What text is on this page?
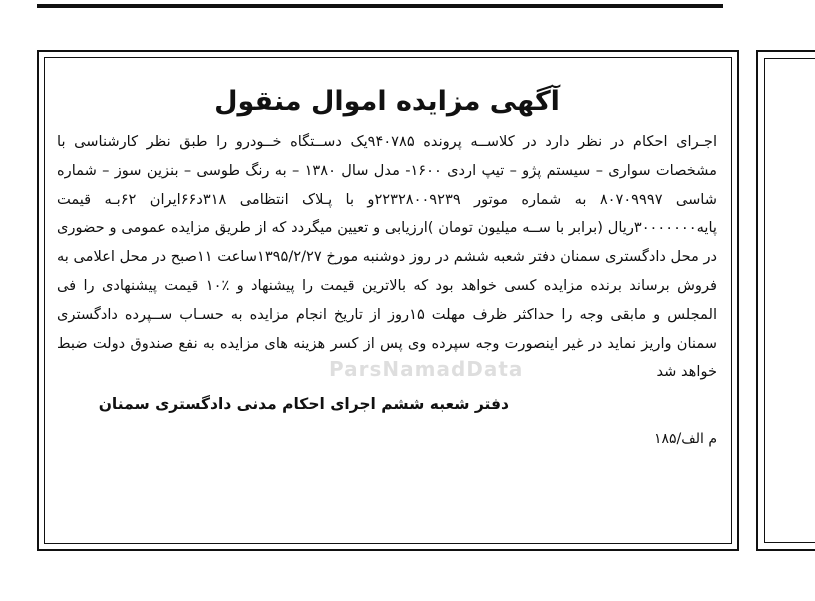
آگهی مزایده اموال منقول

اجـرای احکام در نظر دارد در کلاســه پرونده ۹۴۰۷۸۵یک دســتگاه خــودرو را طبق نظر کارشناسی با مشخصات سواری – سیستم پژو – تیپ اردی ۱۶۰۰- مدل سال ۱۳۸۰ – به رنگ طوسی – بنزین سوز – شماره شاسی ۸۰۷۰۹۹۹۷ به شماره موتور ۲۲۳۲۸۰۰۹۲۳۹و با پـلاک انتظامی ۳۱۸د۶۶ایران ۶۲بـه قیمت پایه۳۰۰۰۰۰۰۰ریال (برابر با ســه میلیون تومان )ارزیابی و تعیین میگردد که از طریق مزایده عمومی و حضوری در محل دادگستری سمنان دفتر شعبه ششم در روز دوشنبه مورخ ۱۳۹۵/۲/۲۷ساعت ۱۱صبح در محل اعلامی به فروش برساند برنده مزایده کسی خواهد بود که بالاترین قیمت را پیشنهاد و ٪۱۰ قیمت پیشنهادی را فی المجلس و مابقی وجه را حداکثر ظرف مهلت ۱۵روز از تاریخ انجام مزایده به حسـاب ســپرده دادگستری سمنان واریز نماید در غیر اینصورت وجه سپرده وی پس از کسر هزینه های مزایده به نفع صندوق دولت ضبط خواهد شد

دفتر شعبه ششم اجرای احکام مدنی دادگستری سمنان
م الف/۱۸۵
ParsNamadData
